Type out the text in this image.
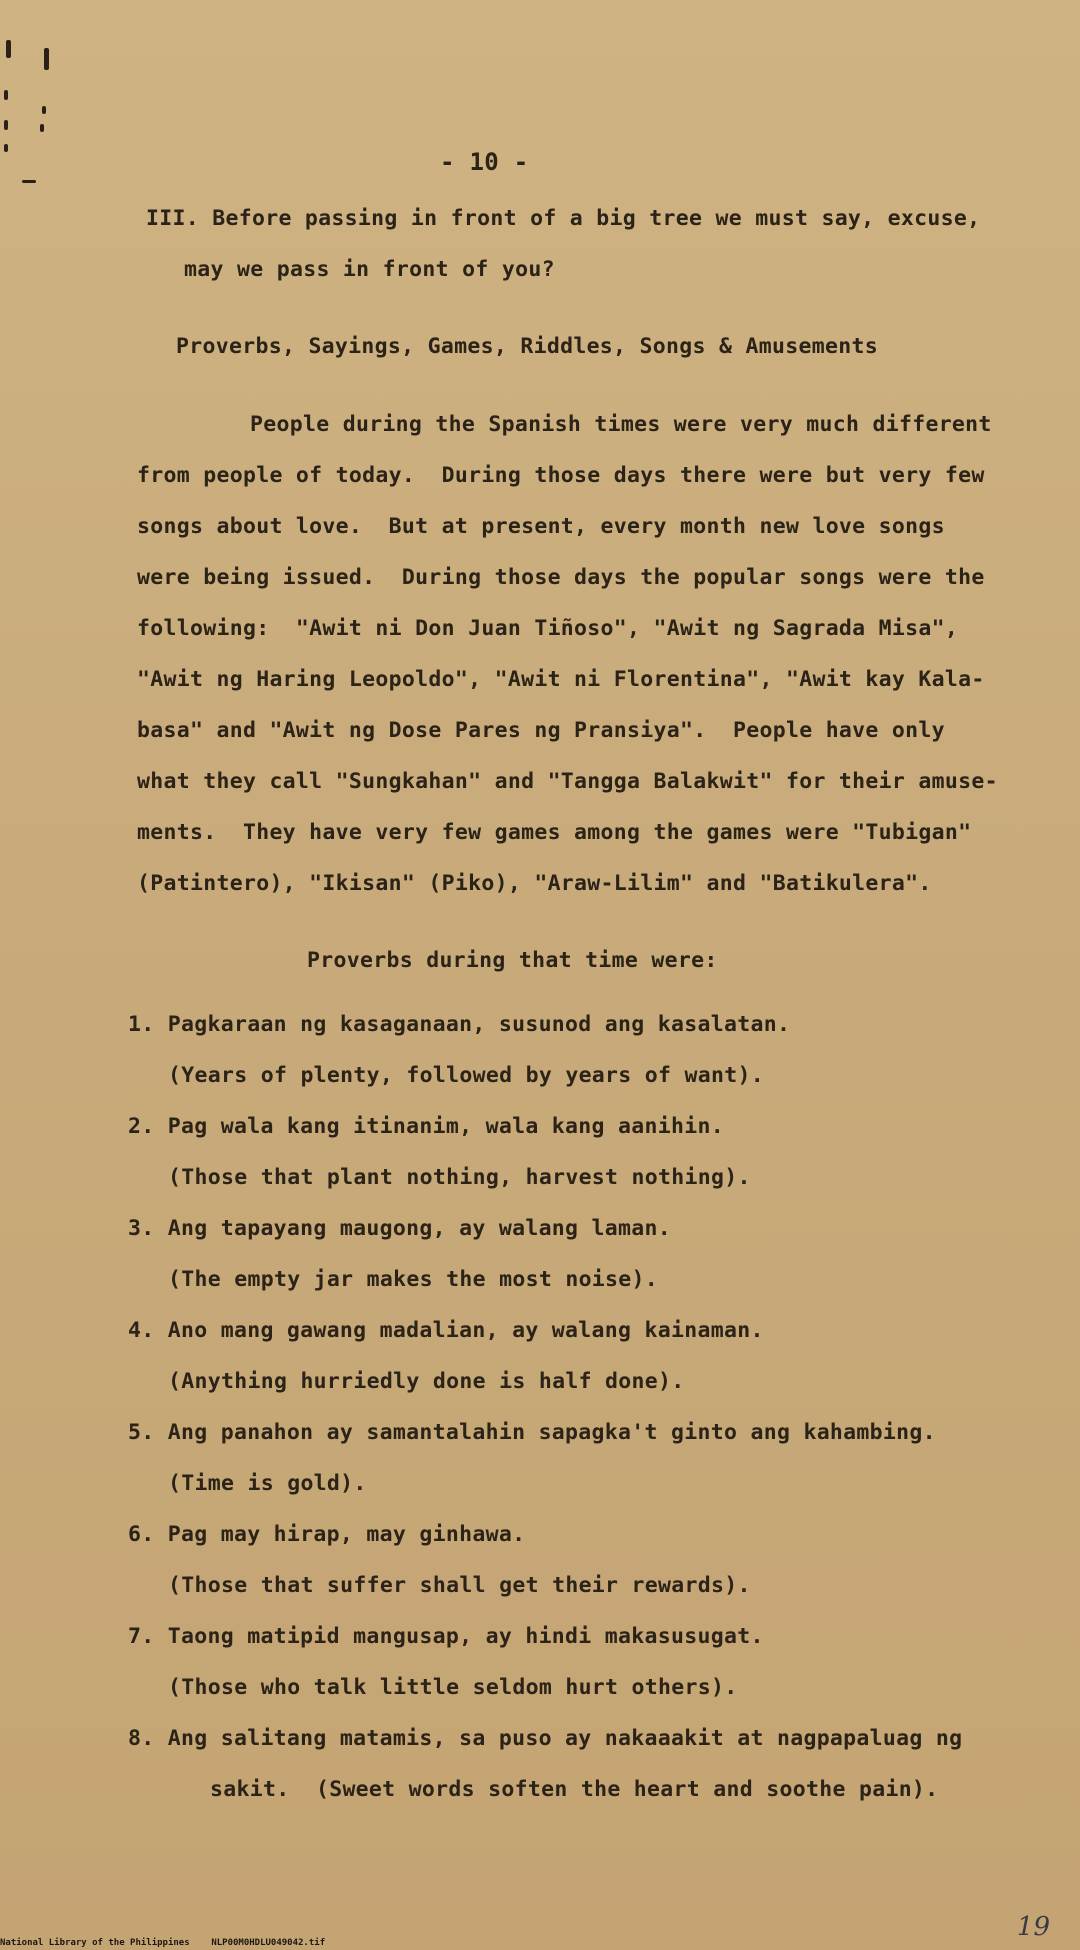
- 10 -
III. Before passing in front of a big tree we must say, excuse,
may we pass in front of you?
Proverbs, Sayings, Games, Riddles, Songs & Amusements
People during the Spanish times were very much different
from people of today.  During those days there were but very few
songs about love.  But at present, every month new love songs
were being issued.  During those days the popular songs were the
following:  "Awit ni Don Juan Tiñoso", "Awit ng Sagrada Misa",
"Awit ng Haring Leopoldo", "Awit ni Florentina", "Awit kay Kala-
basa" and "Awit ng Dose Pares ng Pransiya".  People have only
what they call "Sungkahan" and "Tangga Balakwit" for their amuse-
ments.  They have very few games among the games were "Tubigan"
(Patintero), "Ikisan" (Piko), "Araw-Lilim" and "Batikulera".
Proverbs during that time were:
1. Pagkaraan ng kasaganaan, susunod ang kasalatan.
(Years of plenty, followed by years of want).
2. Pag wala kang itinanim, wala kang aanihin.
(Those that plant nothing, harvest nothing).
3. Ang tapayang maugong, ay walang laman.
(The empty jar makes the most noise).
4. Ano mang gawang madalian, ay walang kainaman.
(Anything hurriedly done is half done).
5. Ang panahon ay samantalahin sapagka't ginto ang kahambing.
(Time is gold).
6. Pag may hirap, may ginhawa.
(Those that suffer shall get their rewards).
7. Taong matipid mangusap, ay hindi makasusugat.
(Those who talk little seldom hurt others).
8. Ang salitang matamis, sa puso ay nakaaakit at nagpapaluag ng
sakit.  (Sweet words soften the heart and soothe pain).
National Library of the Philippines    NLP00M0HDLU049042.tif
19
